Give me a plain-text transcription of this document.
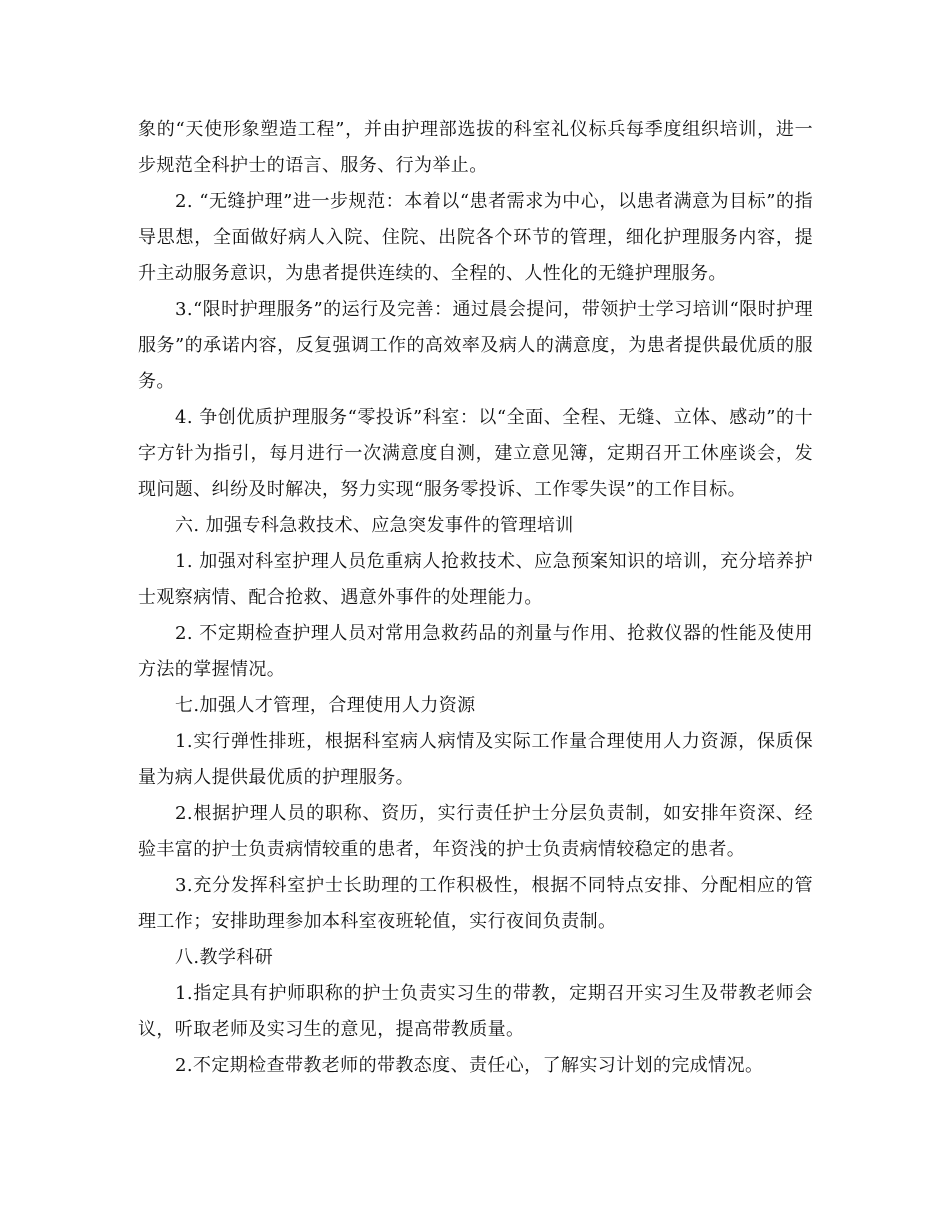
象的“天使形象塑造工程”，并由护理部选拔的科室礼仪标兵每季度组织培训，进一步规范全科护士的语言、服务、行为举止。

2. “无缝护理”进一步规范：本着以“患者需求为中心，以患者满意为目标”的指导思想，全面做好病人入院、住院、出院各个环节的管理，细化护理服务内容，提升主动服务意识，为患者提供连续的、全程的、人性化的无缝护理服务。

3.“限时护理服务”的运行及完善：通过晨会提问，带领护士学习培训“限时护理服务”的承诺内容，反复强调工作的高效率及病人的满意度，为患者提供最优质的服务。

4. 争创优质护理服务“零投诉”科室：以“全面、全程、无缝、立体、感动”的十字方针为指引，每月进行一次满意度自测，建立意见簿，定期召开工休座谈会，发现问题、纠纷及时解决，努力实现“服务零投诉、工作零失误”的工作目标。

六. 加强专科急救技术、应急突发事件的管理培训

1. 加强对科室护理人员危重病人抢救技术、应急预案知识的培训，充分培养护士观察病情、配合抢救、遇意外事件的处理能力。

2. 不定期检查护理人员对常用急救药品的剂量与作用、抢救仪器的性能及使用方法的掌握情况。

七.加强人才管理，合理使用人力资源

1.实行弹性排班，根据科室病人病情及实际工作量合理使用人力资源，保质保量为病人提供最优质的护理服务。

2.根据护理人员的职称、资历，实行责任护士分层负责制，如安排年资深、经验丰富的护士负责病情较重的患者，年资浅的护士负责病情较稳定的患者。

3.充分发挥科室护士长助理的工作积极性，根据不同特点安排、分配相应的管理工作；安排助理参加本科室夜班轮值，实行夜间负责制。

八.教学科研

1.指定具有护师职称的护士负责实习生的带教，定期召开实习生及带教老师会议，听取老师及实习生的意见，提高带教质量。

2.不定期检查带教老师的带教态度、责任心，了解实习计划的完成情况。
